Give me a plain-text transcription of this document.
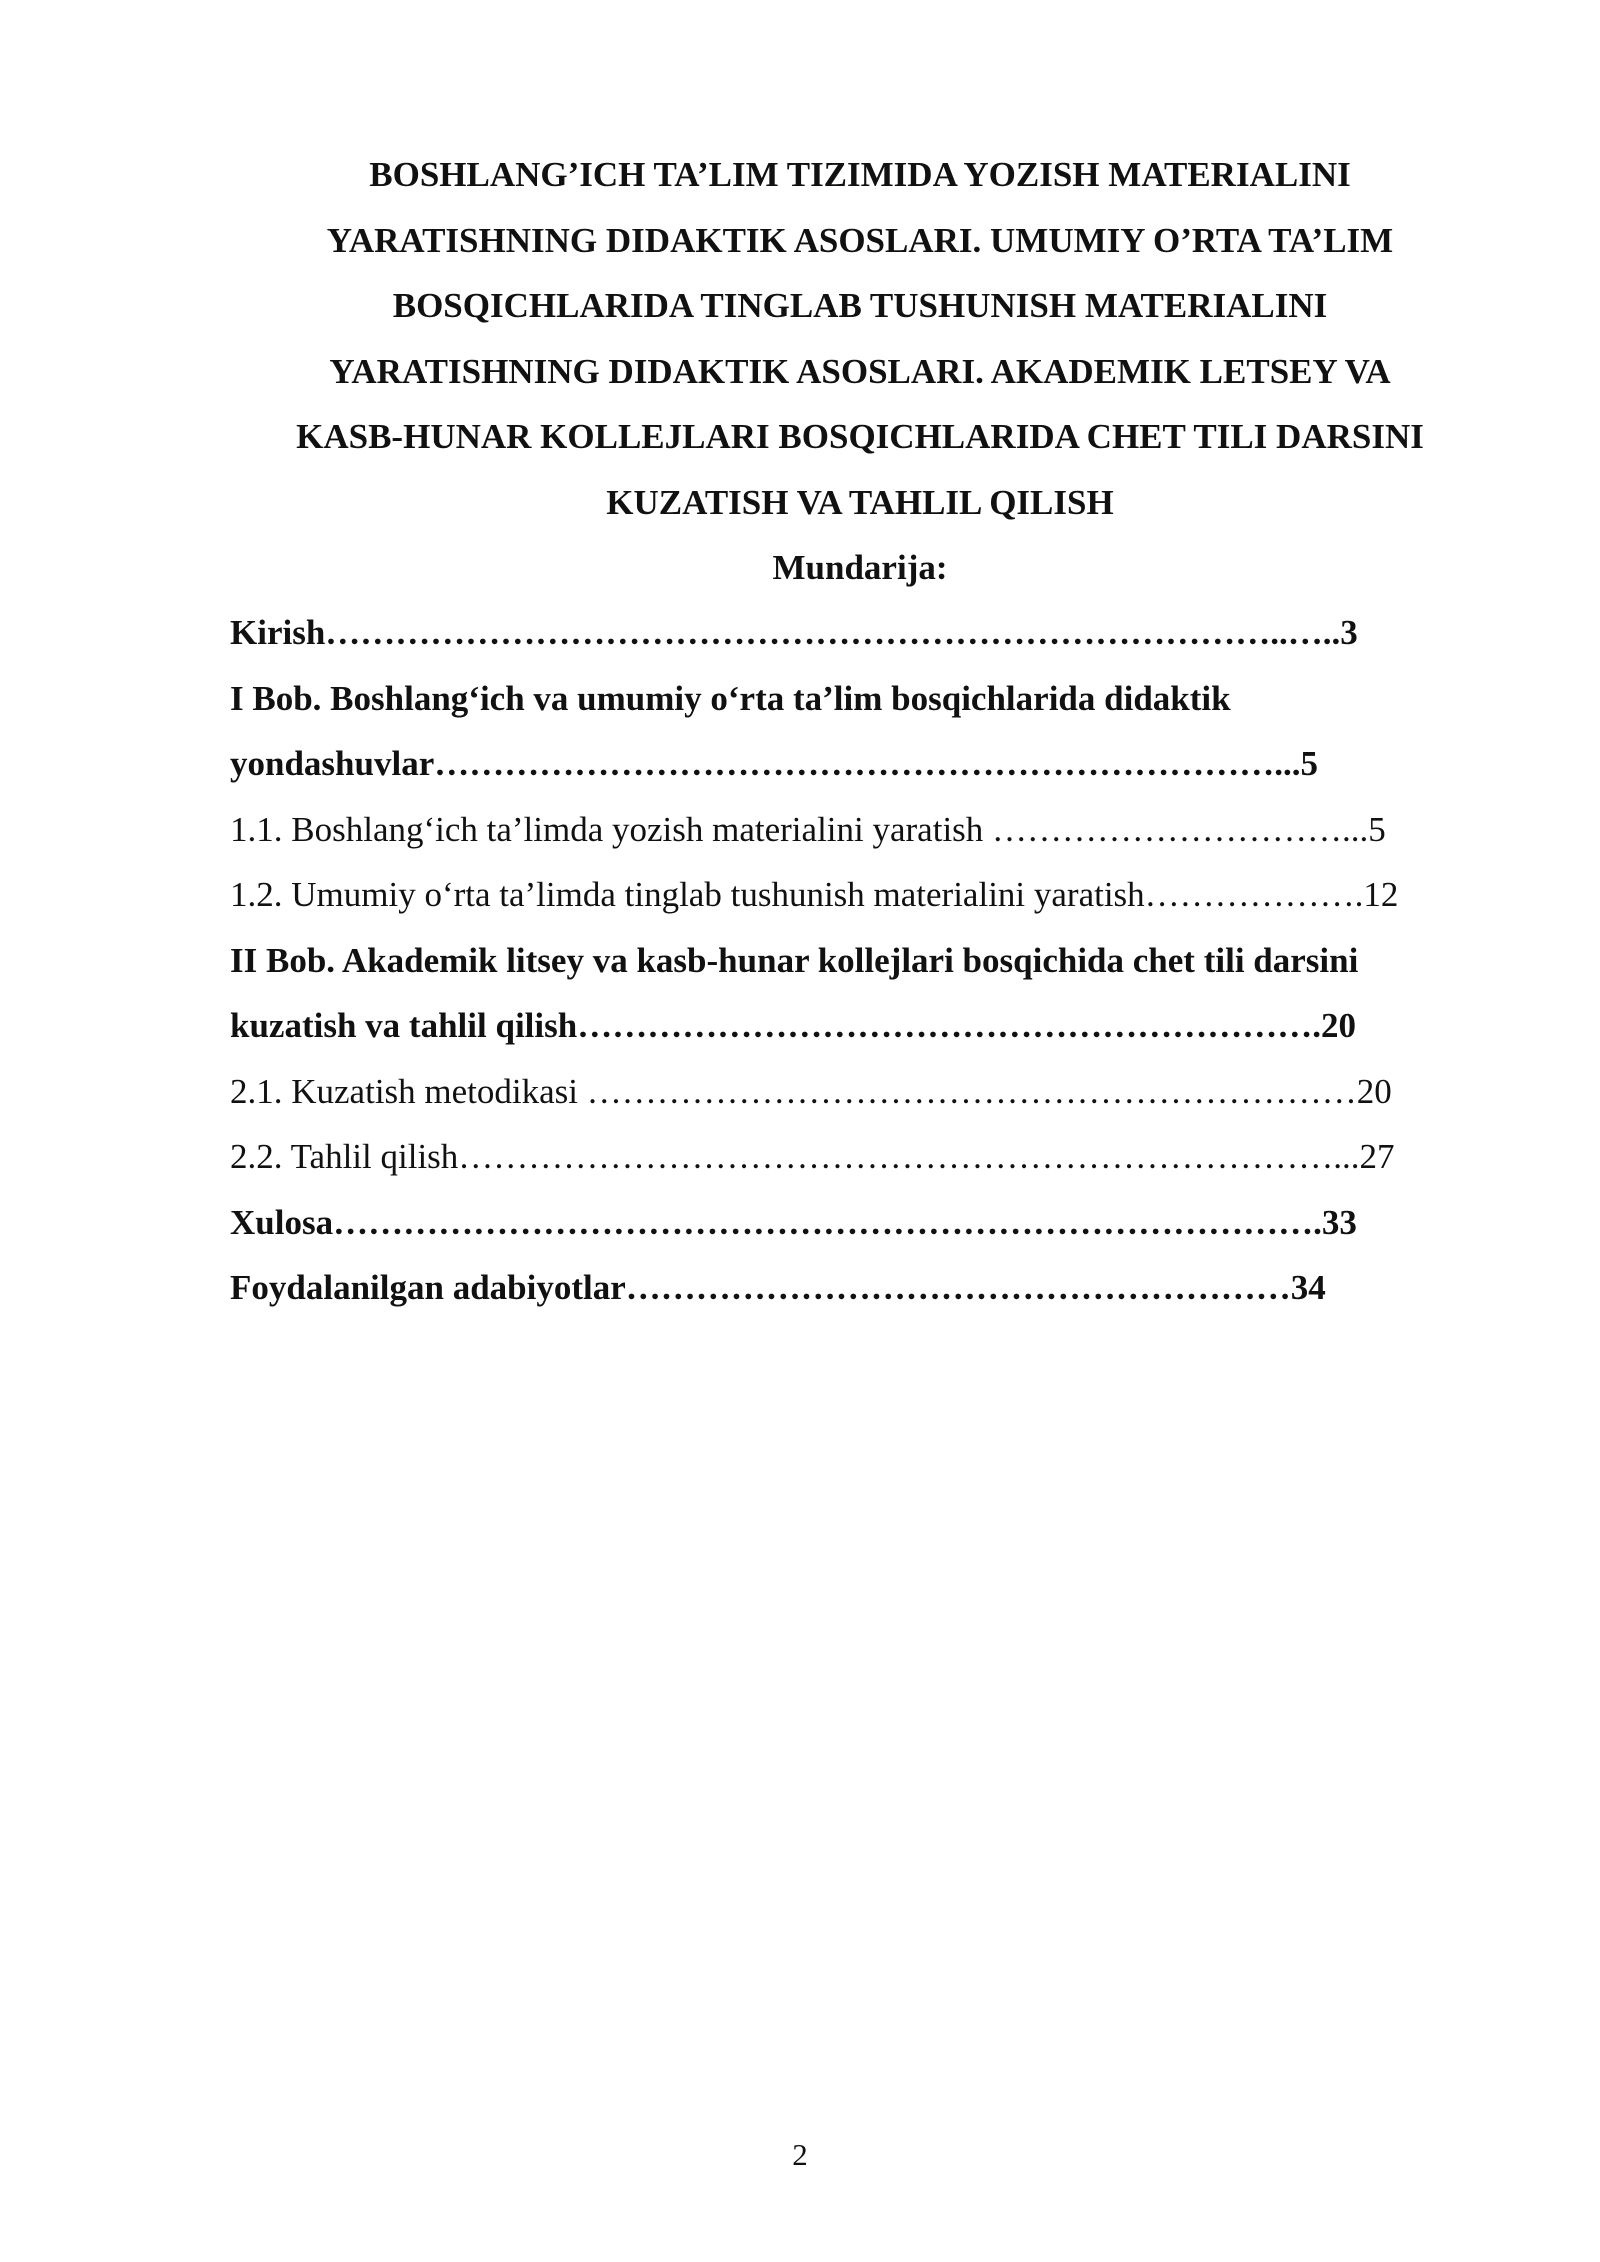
BOSHLANG’ICH TA’LIM TIZIMIDA YOZISH MATERIALINI
YARATISHNING DIDAKTIK ASOSLARI. UMUMIY O’RTA TA’LIM
BOSQICHLARIDA TINGLAB TUSHUNISH MATERIALINI
YARATISHNING DIDAKTIK ASOSLARI. AKADEMIK LETSEY VA
KASB-HUNAR KOLLEJLARI BOSQICHLARIDA CHET TILI DARSINI
KUZATISH VA TAHLIL QILISH
Mundarija:
Kirish………………………………………………………………………..…..3
I Bob. Boshlang‘ich va umumiy o‘rta ta’lim bosqichlarida didaktik
yondashuvlar………………………………………………………………...5
1.1. Boshlang‘ich ta’limda yozish materialini yaratish …………………………...5
1.2. Umumiy o‘rta ta’limda tinglab tushunish materialini yaratish……………….12
II Bob. Akademik litsey va kasb-hunar kollejlari bosqichida chet tili darsini
kuzatish va tahlil qilish……………………………………………………….20
2.1. Kuzatish metodikasi …………………………………………………………20
2.2. Tahlil qilish…………………………………………………………………...27
Xulosa………………………………………………………………………….33
Foydalanilgan adabiyotlar…………………………………………………34
2
